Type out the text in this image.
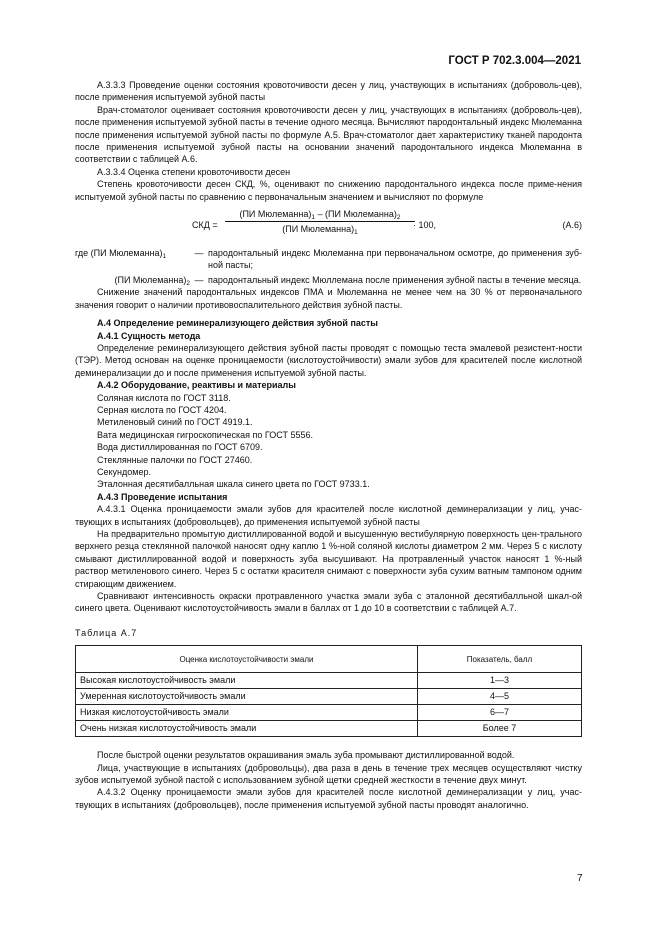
ГОСТ Р 702.3.004—2021

А.3.3.3 Проведение оценки состояния кровоточивости десен у лиц, участвующих в испытаниях (доброволь-цев), после применения испытуемой зубной пасты

Врач-стоматолог оценивает состояния кровоточивости десен у лиц, участвующих в испытаниях (доброволь-цев), после применения испытуемой зубной пасты в течение одного месяца. Вычисляют пародонтальный индекс Мюлеманна после применения испытуемой зубной пасты по формуле А.5. Врач-стоматолог дает характеристику тканей пародонта после применения испытуемой зубной пасты на основании значений пародонтального индекса Мюлеманна в соответствии с таблицей А.6.

А.3.3.4 Оценка степени кровоточивости десен

Степень кровоточивости десен СКД, %, оценивают по снижению пародонтального индекса после приме-нения испытуемой зубной пасты по сравнению с первоначальным значением и вычисляют по формуле

СКД =
(ПИ $Мюлеманна)_1 - (ПИ$ $Мюлеманна)_2$
(ПИ $Мюлеманна)_1$
· 100,	(А.6)
где (ПИ $Мюлеманна)_1$	— пародонтальный индекс Мюлеманна при первоначальном осмотре, до применения зуб-ной пасты;
(ПИ $Мюлеманна)_2$ — пародонтальный индекс Мюллемана после применения зубной пасты в течение месяца.

Снижение значений пародонтальных индексов ПМА и Мюлеманна не менее чем на 30 % от первоначального значения говорит о наличии противовоспалительного действия зубной пасты.

А.4 Определение реминерализующего действия зубной пасты

А.4.1 Сущность метода

Определение реминерализующего действия зубной пасты проводят с помощью теста эмалевой резистент-ности (ТЭР). Метод основан на оценке проницаемости (кислотоустойчивости) эмали зубов для красителей после кислотной деминерализации до и после применения испытуемой зубной пасты.

А.4.2 Оборудование, реактивы и материалы

Соляная кислота по ГОСТ 3118.

Серная кислота по ГОСТ 4204.

Метиленовый синий по ГОСТ 4919.1.

Вата медицинская гигроскопическая по ГОСТ 5556.

Вода дистиллированная по ГОСТ 6709.

Стеклянные палочки по ГОСТ 27460.

Секундомер.

Эталонная десятибалльная шкала синего цвета по ГОСТ 9733.1.

А.4.3 Проведение испытания

А.4.3.1 Оценка проницаемости эмали зубов для красителей после кислотной деминерализации у лиц, учас-твующих в испытаниях (добровольцев), до применения испытуемой зубной пасты

На предварительно промытую дистиллированной водой и высушенную вестибулярную поверхность цен-трального верхнего резца стеклянной палочкой наносят одну каплю 1 %-ной соляной кислоты диаметром 2 мм. Через 5 с кислоту смывают дистиллированной водой и поверхность зуба высушивают. На протравленный участок наносят 1 %-ный раствор метиленового синего. Через 5 с остатки красителя снимают с поверхности зуба сухим ватным тампоном одним стирающим движением.

Сравнивают интенсивность окраски протравленного участка эмали зуба с эталонной десятибалльной шкал-ой синего цвета. Оценивают кислотоустойчивость эмали в баллах от 1 до 10 в соответствии с таблицей А.7.

Таблица А.7

Оценка кислотоустойчивости эмали	Показатель, балл
Высокая кислотоустойчивость эмали	1—3
Умеренная кислотоустойчивость эмали	4—5
Низкая кислотоустойчивость эмали	6—7
Очень низкая кислотоустойчивость эмали	Более 7

После быстрой оценки результатов окрашивания эмаль зуба промывают дистиллированной водой.

Лица, участвующие в испытаниях (добровольцы), два раза в день в течение трех месяцев осуществляют чистку зубов испытуемой зубной пастой с использованием зубной щетки средней жесткости в течение двух минут.

А.4.3.2 Оценку проницаемости эмали зубов для красителей после кислотной деминерализации у лиц, учас-твующих в испытаниях (добровольцев), после применения испытуемой зубной пасты проводят аналогично.

7
